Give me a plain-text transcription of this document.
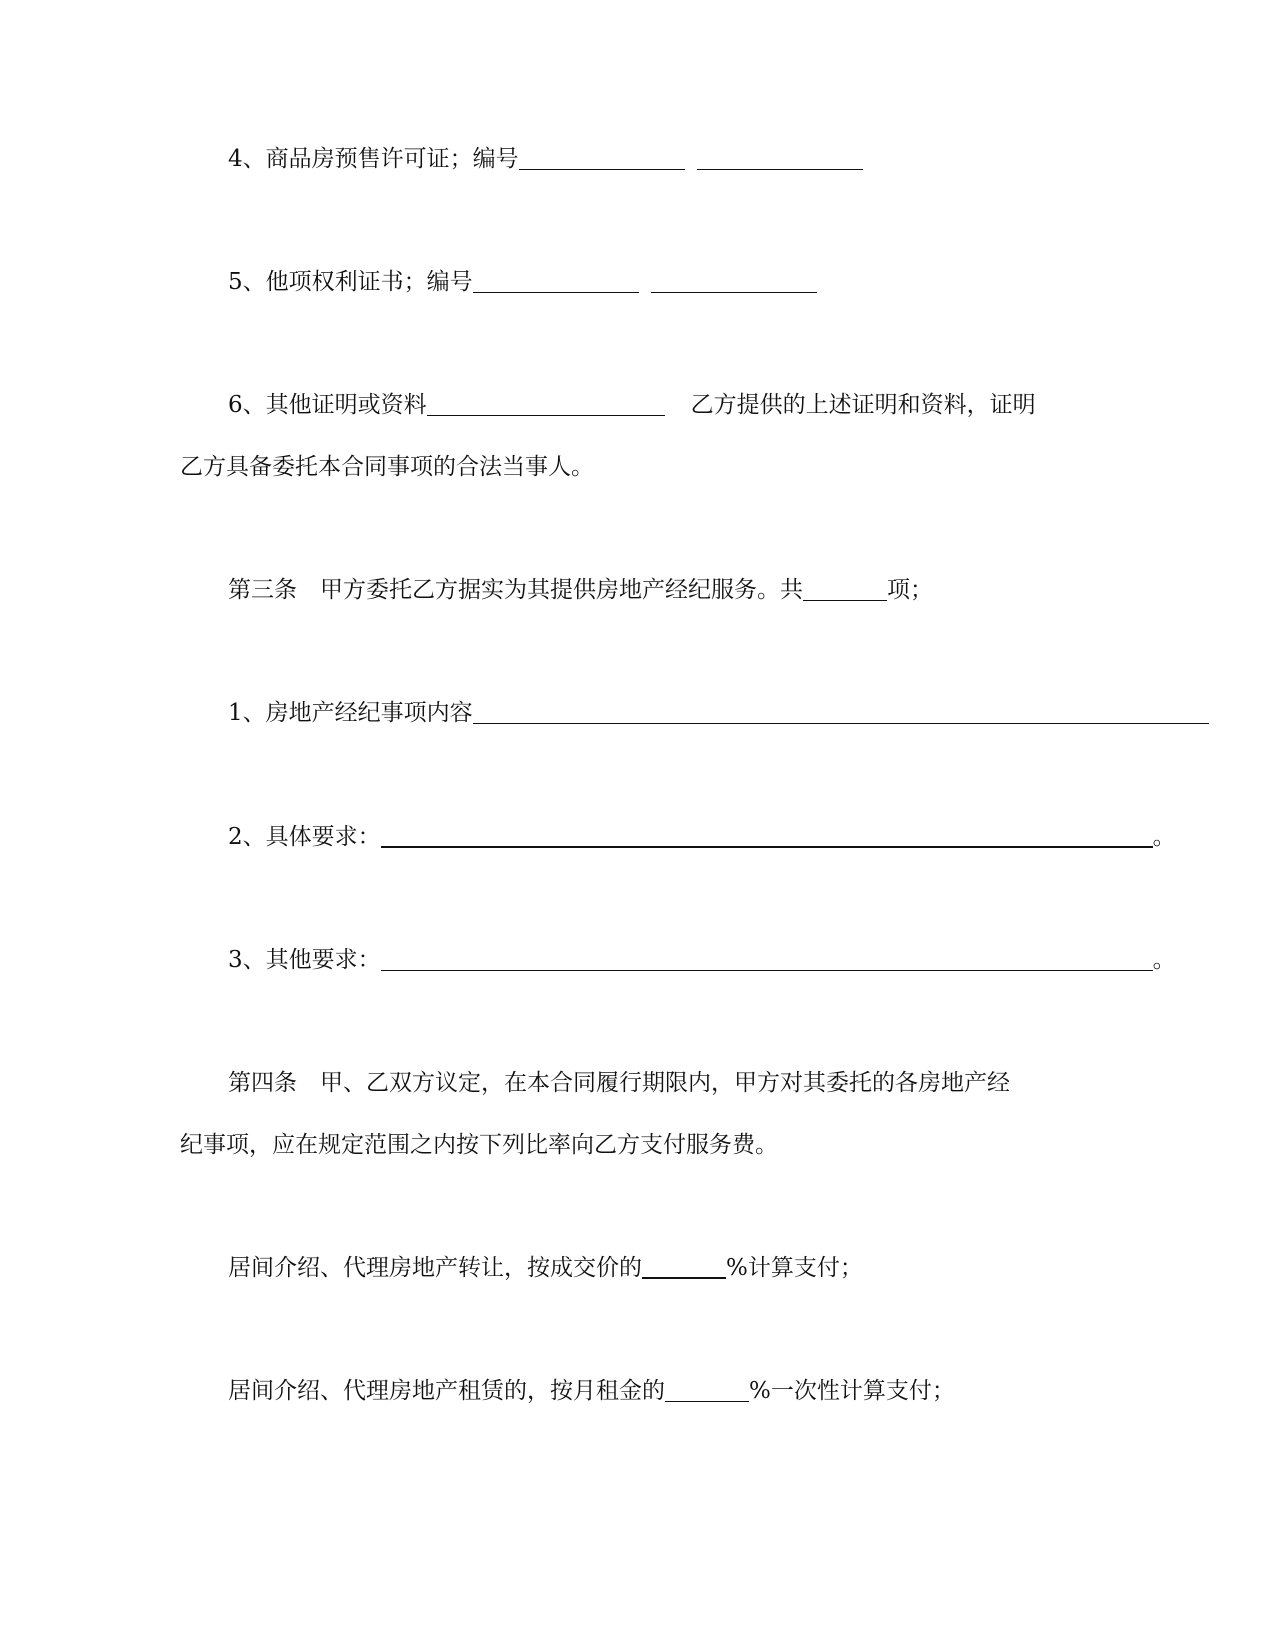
4、商品房预售许可证；编号
5、他项权利证书；编号
6、其他证明或资料	乙方提供的上述证明和资料，证明
乙方具备委托本合同事项的合法当事人。
第三条　甲方委托乙方据实为其提供房地产经纪服务。共	项；
1、房地产经纪事项内容
2、具体要求：	。
3、其他要求：	。
第四条　甲、乙双方议定，在本合同履行期限内，甲方对其委托的各房地产经
纪事项，应在规定范围之内按下列比率向乙方支付服务费。
居间介绍、代理房地产转让，按成交价的	%计算支付；
居间介绍、代理房地产租赁的，按月租金的	%一次性计算支付；
